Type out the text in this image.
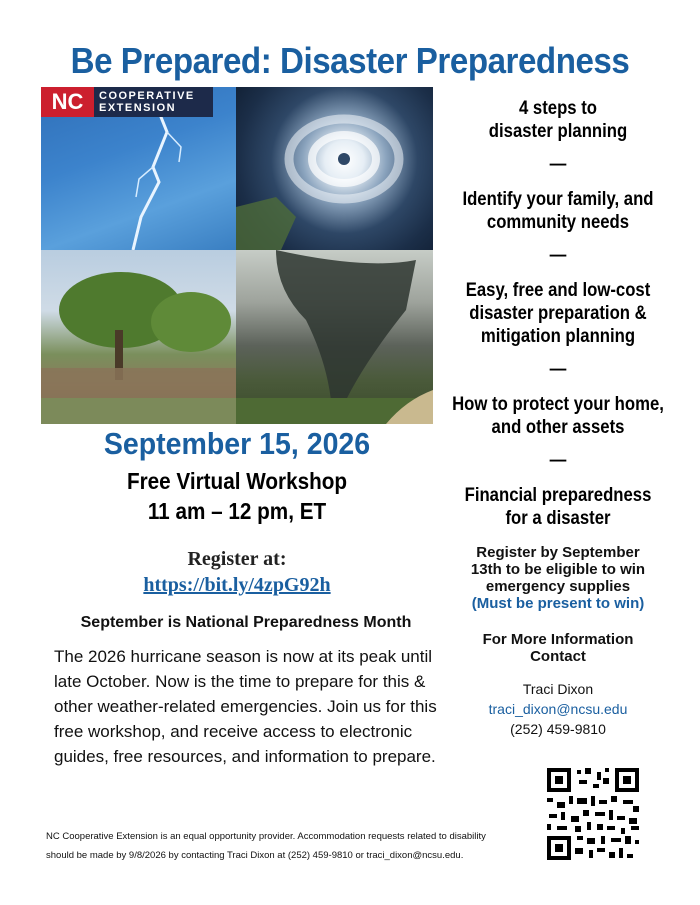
Be Prepared: Disaster Preparedness
NC	COOPERATIVE
EXTENSION
September 15, 2026
Free Virtual Workshop
11 am – 12 pm, ET
Register at:
https://bit.ly/4zpG92h
September is National Preparedness Month
The 2026 hurricane season is now at its peak until late October. Now is the time to prepare for this & other weather-related emergencies. Join us for this free workshop, and receive access to electronic guides, free resources, and information to prepare.
4 steps to
disaster planning
—
Identify your family, and
community needs
—
Easy, free and low-cost
disaster preparation &
mitigation planning
—
How to protect your home,
and other assets
—
Financial preparedness
for a disaster
Register by September
13th to be eligible to win
emergency supplies
(Must be present to win)
For More Information
Contact
Traci Dixon
traci_dixon@ncsu.edu
(252) 459-9810
NC Cooperative Extension is an equal opportunity provider. Accommodation requests related to disability should be made by 9/8/2026 by contacting Traci Dixon at (252) 459-9810 or traci_dixon@ncsu.edu.
